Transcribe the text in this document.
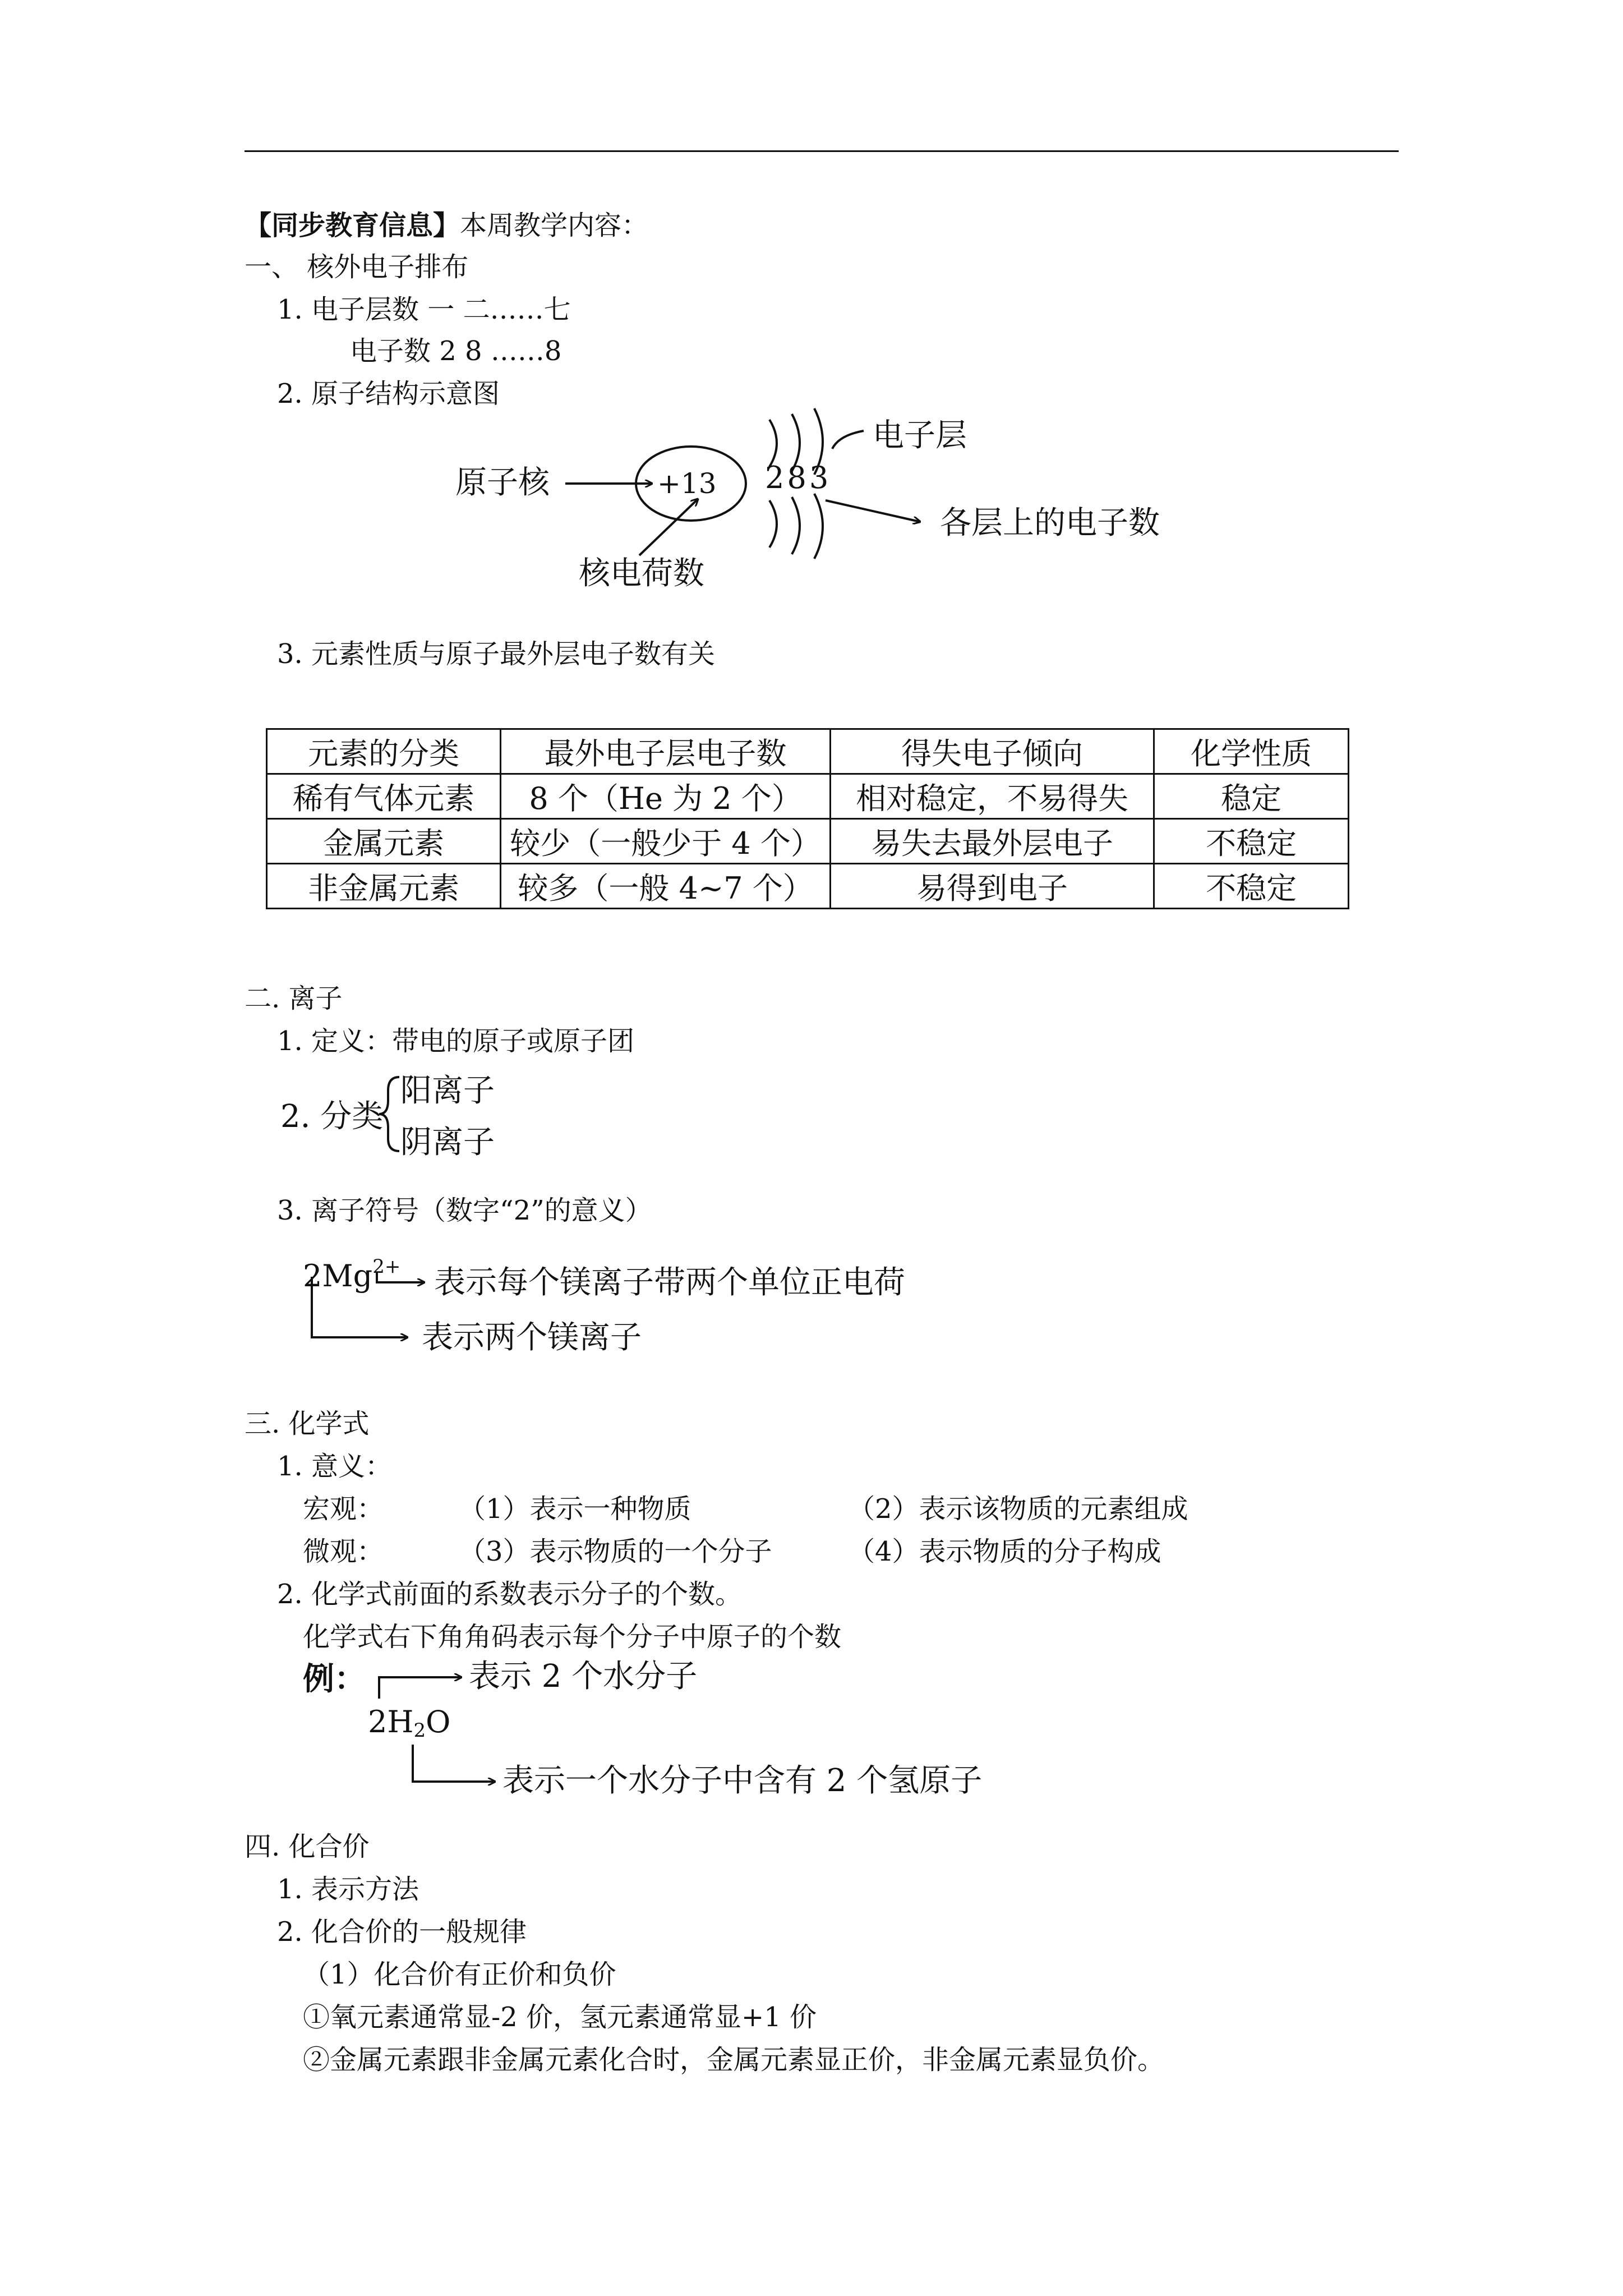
【同步教育信息】本周教学内容：
一、 核外电子排布
1. 电子层数 一 二……七
电子数 2 8 ……8
2. 原子结构示意图
原子核	+13 2 8 3
电子层
各层上的电子数
核电荷数
3. 元素性质与原子最外层电子数有关
元素的分类	最外电子层电子数	得失电子倾向	化学性质
稀有气体元素	8 个（He 为 2 个）	相对稳定，不易得失	稳定
金属元素	较少（一般少于 4 个）	易失去最外层电子	不稳定
非金属元素	较多（一般 4~7 个）	易得到电子	不稳定
二. 离子
1. 定义：带电的原子或原子团
2. 分类
阳离子
阴离子
3. 离子符号（数字“2”的意义）
$2Mg^{2+}$ 表示每个镁离子带两个单位正电荷
表示两个镁离子
三. 化学式
1. 意义：
宏观：	（1）表示一种物质	（2）表示该物质的元素组成
微观：	（3）表示物质的一个分子	（4）表示物质的分子构成
2. 化学式前面的系数表示分子的个数。
化学式右下角角码表示每个分子中原子的个数
例：	表示 2 个水分子
$2H_2O$
表示一个水分子中含有 2 个氢原子
四. 化合价
1. 表示方法
2. 化合价的一般规律
（1）化合价有正价和负价
①氧元素通常显-2 价，氢元素通常显+1 价
②金属元素跟非金属元素化合时，金属元素显正价，非金属元素显负价。
